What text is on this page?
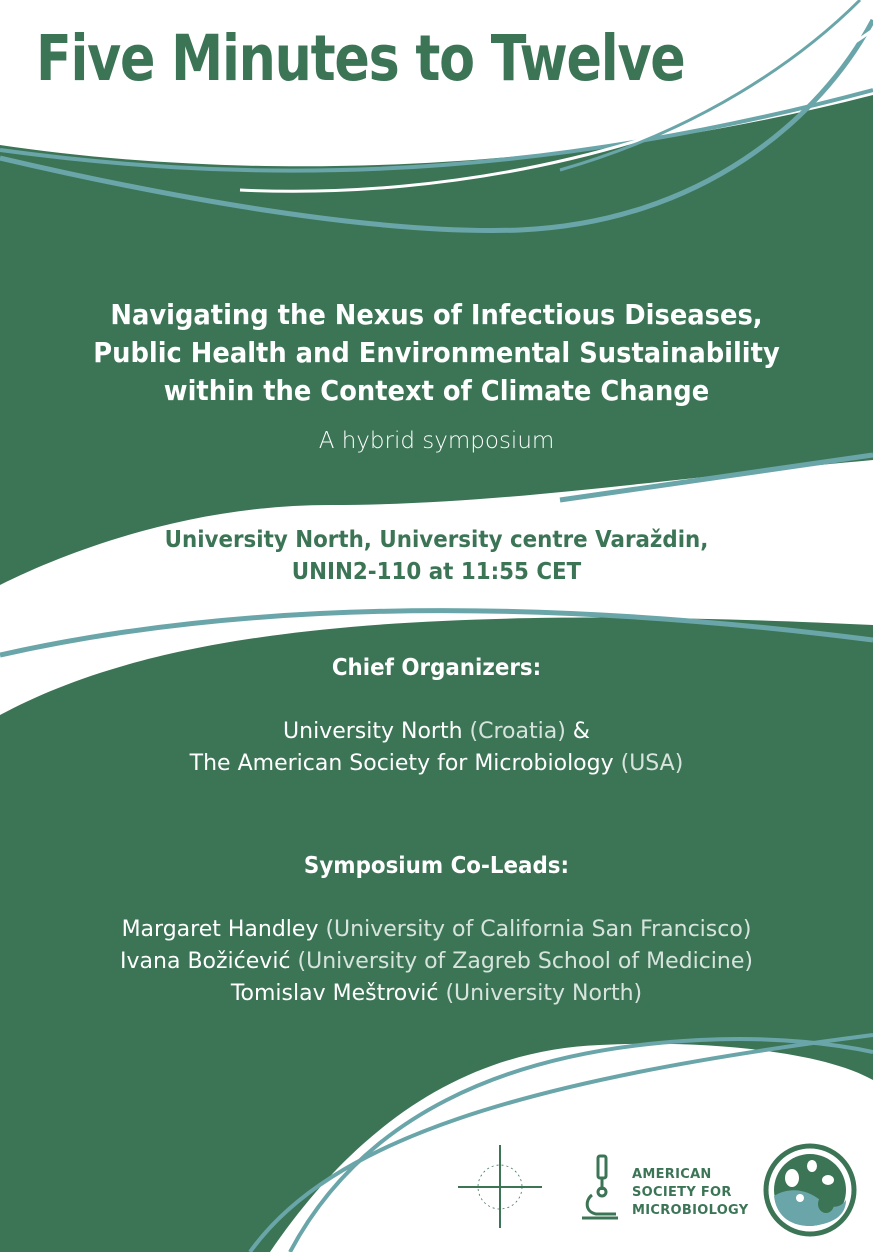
Five Minutes to Twelve
Navigating the Nexus of Infectious Diseases,
Public Health and Environmental Sustainability
within the Context of Climate Change
A hybrid symposium
University North, University centre Varaždin,
UNIN2-110 at 11:55 CET
Chief Organizers:
University North (Croatia) &
The American Society for Microbiology (USA)
Symposium Co-Leads:
Margaret Handley (University of California San Francisco)
Ivana Božićević (University of Zagreb School of Medicine)
Tomislav Meštrović (University North)
AMERICAN
SOCIETY FOR
MICROBIOLOGY
